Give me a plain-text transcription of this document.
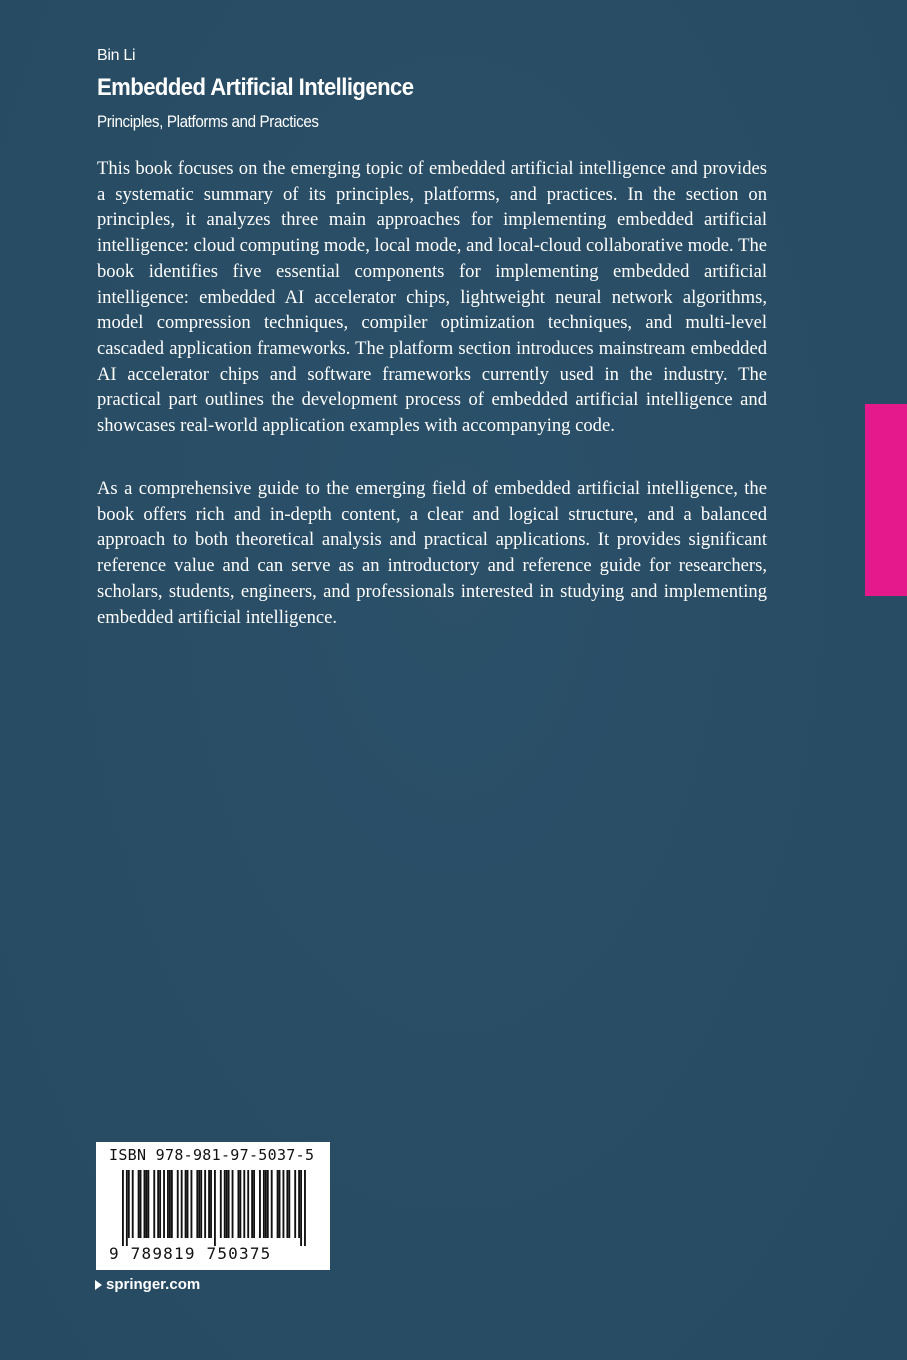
Bin Li
Embedded Artificial Intelligence
Principles, Platforms and Practices

This book focuses on the emerging topic of embedded artificial intelligence and provides a systematic summary of its principles, platforms, and practices. In the section on principles, it analyzes three main approaches for implementing embedded artificial intelligence: cloud computing mode, local mode, and local-cloud collaborative mode. The book identifies five essential components for implementing embedded artificial intelligence: embedded AI accelerator chips, lightweight neural network algorithms, model compression techniques, compiler optimization techniques, and multi-level cascaded application frameworks. The platform section introduces mainstream embedded AI accelerator chips and software frameworks currently used in the industry. The practical part outlines the development process of embedded artificial intelligence and showcases real-world application examples with accompanying code.

As a comprehensive guide to the emerging field of embedded artificial intelligence, the book offers rich and in-depth content, a clear and logical structure, and a balanced approach to both theoretical analysis and practical applications. It provides significant reference value and can serve as an introductory and reference guide for researchers, scholars, students, engineers, and professionals interested in studying and implementing embedded artificial intelligence.

ISBN 978-981-97-5037-5
9 789819 750375
springer.com
